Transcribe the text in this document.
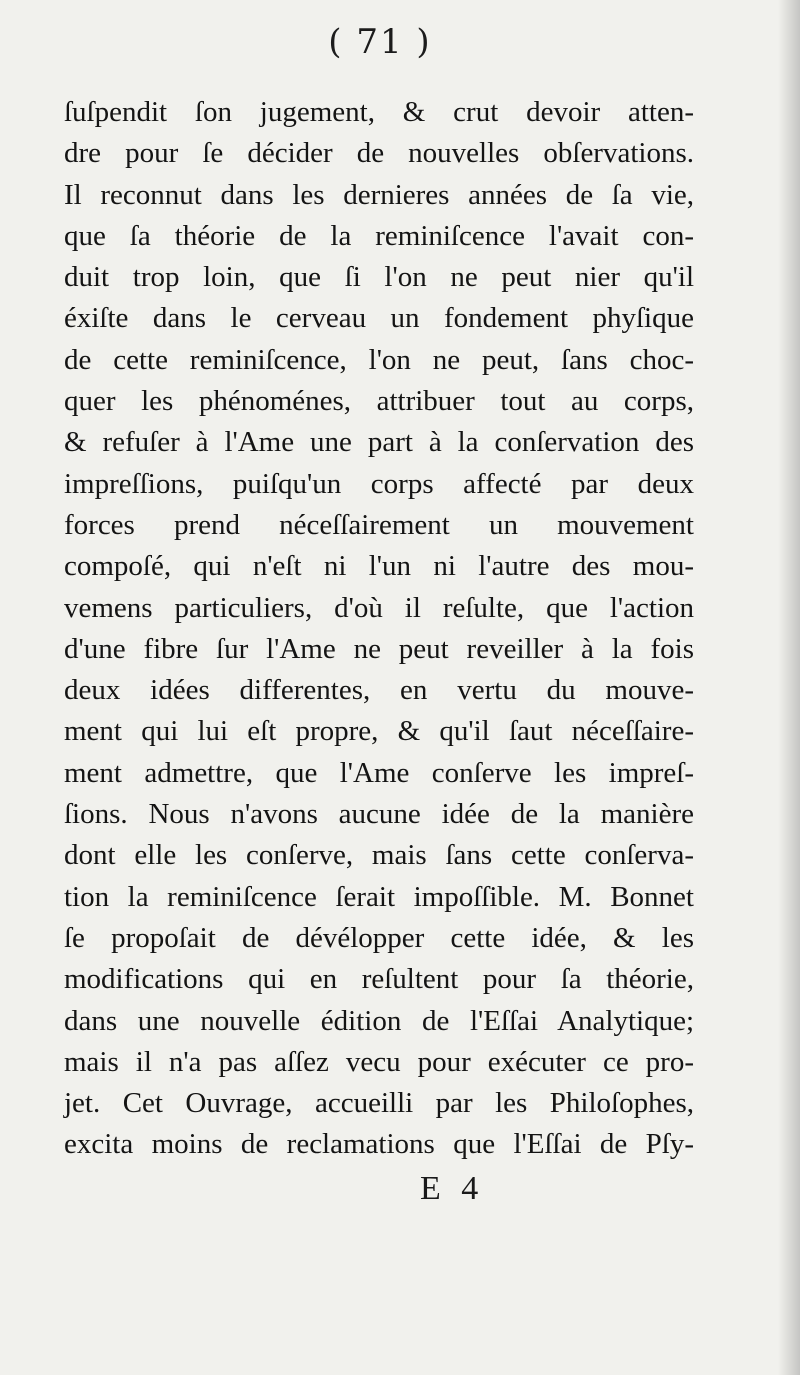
( 71 )
ſuſpendit ſon jugement, & crut devoir atten-
dre pour ſe décider de nouvelles obſervations.
Il reconnut dans les dernieres années de ſa vie,
que ſa théorie de la reminiſcence l'avait con-
duit trop loin, que ſi l'on ne peut nier qu'il
éxiſte dans le cerveau un fondement phyſique
de cette reminiſcence, l'on ne peut, ſans choc-
quer les phénoménes, attribuer tout au corps,
& refuſer à l'Ame une part à la conſervation des
impreſſions, puiſqu'un corps affecté par deux
forces prend néceſſairement un mouvement
compoſé, qui n'eſt ni l'un ni l'autre des mou-
vemens particuliers, d'où il reſulte, que l'action
d'une fibre ſur l'Ame ne peut reveiller à la fois
deux idées differentes, en vertu du mouve-
ment qui lui eſt propre, & qu'il ſaut néceſſaire-
ment admettre, que l'Ame conſerve les impreſ-
ſions. Nous n'avons aucune idée de la manière
dont elle les conſerve, mais ſans cette conſerva-
tion la reminiſcence ſerait impoſſible. M. Bonnet
ſe propoſait de dévélopper cette idée, & les
modifications qui en reſultent pour ſa théorie,
dans une nouvelle édition de l'Eſſai Analytique;
mais il n'a pas aſſez vecu pour exécuter ce pro-
jet. Cet Ouvrage, accueilli par les Philoſophes,
excita moins de reclamations que l'Eſſai de Pſy-
E 4
